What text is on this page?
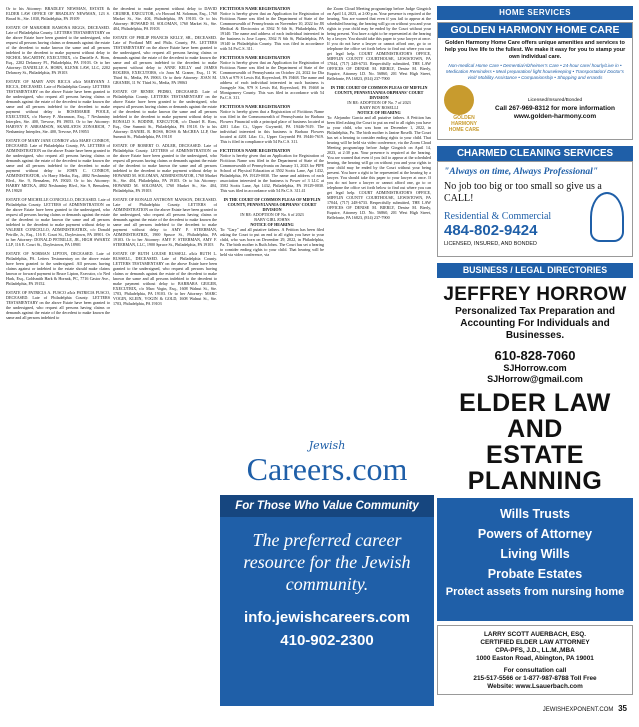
Or to his Attorney: BRADLEY NEWMAN, ESTATE & ELDER LAW OFFICE OF BRADLEY NEWMAN, 123 S. Broad St., Ste. 1030, Philadelphia, PA 19109

ESTATE OF MARJORIE RAMONA RIGGS, DECEASED. Late of Philadelphia County. LETTERS TESTAMENTARY on the above Estate have been granted to the undersigned, who request all persons having claims or demands against the estate of the decedent to make known the same and all persons indebted to the decedent to make payment without delay to NICHOL McCARTHY, EXECUTRIX, c/o Danielle A. Horn, Esq., 2202 Delancey Pl., Philadelphia, PA 19103. Or to her Attorney: DANIELLE A. HORN, KLENK LAW, LLC, 2202 Delancey St., Philadelphia, PA 19103

ESTATE OF MARY ANN RICCA a/k/a MARYANN J. RICCA, DECEASED. Late of Philadelphia County. LETTERS TESTAMENTARY on the above Estate have been granted to the undersigned, who request all persons having claims or demands against the estate of the decedent to make known the same and all persons indebted to the decedent to make payment without delay to ROSEMARIE POOLE, EXECUTRIX, c/o Harvey P. Abramson, Esq., 7 Neshaminy Interplex, Ste. 400, Trevose, PA 19053. Or to her Attorney: HARVEY P. ABRAMSON, SKARLATOS ZONARICH, 7 Neshaminy Interplex, Ste. 400, Trevose, PA 19053

ESTATE OF MARY JANE CONROY a/k/a MARY CONROY, DECEASED. Late of Philadelphia County, PA. LETTERS of ADMINISTRATION on the above Estate have been granted to the undersigned, who request all persons having claims or demands against the estate of the decedent to make known the same and all persons indebted to the decedent to make payment without delay to JOHN C. CONROY, ADMINISTRATOR, c/o Harry Metka, Esq., 4802 Neshaminy Blvd., Ste. 9, Bensalem, PA 19020. Or to his Attorney: HARRY METKA, 4802 Neshaminy Blvd., Ste. 9, Bensalem, PA 19020

ESTATE OF MICHELLE CONICELLO, DECEASED. Late of Philadelphia County. LETTERS of ADMINISTRATION on the above Estate have been granted to the undersigned, who request all persons having claims or demands against the estate of the decedent to make known the same and all persons indebted to the decedent to make payment without delay to VALERIE CONICELLO, ADMINISTRATRIX, c/o Donald Petrille, Jr., Esq., 116 E. Court St., Doylestown, PA 18901. Or to her Attorney: DONALD PETRILLE, JR., HIGH SWARTZ LLP, 116 E. Court St., Doylestown, PA 18901

ESTATE OF NORMAN LIPTON, DECEASED. Late of Philadelphia, PA. Letters Testamentary on the above estate have been granted to the undersigned. All persons having claims against or indebted to the estate should make claims known or forward payment to Bruce Lipton, Executor, c/o Ned Hark, Esq., Goldsmith Hark & Hornak, PC, 7716 Castor Ave., Philadelphia, PA 19152.

ESTATE OF PATRICIA A. FUSCO a/k/a PATRICIA FUSCO, DECEASED. Late of Philadelphia County. LETTERS TESTAMENTARY on the above Estate have been granted to the undersigned, who request all persons having claims or demands against the estate of the decedent to make known the same and all persons indebted to

the decedent to make payment without delay to DAVID CRUBER, EXECUTOR, c/o Howard M. Soloman, Esq., 1760 Market St., Ste. 404, Philadelphia, PA 19103. Or to his Attorney: HOWARD M. SOLOMAN, 1760 Market St., Ste. 404, Philadelphia, PA 19103

ESTATE OF PHILIP FRANCIS KELLY, SR., DECEASED. Late of Portland ME and Phila. County, PA. LETTERS TESTAMENTARY on the above Estate have been granted to the undersigned, who request all persons having claims or demands against the estate of the decedent to make known the same and all persons indebted to the decedent to make payment without delay to ANNE KELLY and JAMES ROGERS, EXECUTORS, c/o Joan M. Graner, Esq., 11 W. Third St., Media, PA 19063. Or to their Attorney: JOAN M. GRANER, 11 W. Third St., Media, PA 19063

ESTATE OF RENEE PEDRO, DECEASED. Late of Philadelphia County. LETTERS TESTAMENTARY on the above Estate have been granted to the undersigned, who request all persons having claims or demands against the estate of the decedent to make known the same and all persons indebted to the decedent to make payment without delay to RONALD S. BODINE, EXECUTOR, c/o Daniel R. Ross, Esq., One Summit St., Philadelphia, PA 19118. Or to his Attorney: DANIEL R. ROSS, ROSS & McCREA LLP, One Summit St., Philadelphia, PA 19118

ESTATE OF ROBERT O. ADLER, DECEASED. Late of Philadelphia County. LETTERS of ADMINISTRATION on the above Estate have been granted to the undersigned, who request all persons having claims or demands against the estate of the decedent to make known the same and all persons indebted to the decedent to make payment without delay to HOWARD M. SOLOMAN, ADMINISTRATOR, 1760 Market St., Ste. 404, Philadelphia, PA 19103. Or to his Attorney: HOWARD M. SOLOMAN, 1760 Market St., Ste. 404, Philadelphia, PA 19103

ESTATE OF RONALD ANTHONY MANSON, DECEASED. Late of Philadelphia County. LETTERS of ADMINISTRATION on the above Estate have been granted to the undersigned, who request all persons having claims or demands against the estate of the decedent to make known the same and all persons indebted to the decedent to make payment without delay to AMY F. STEERMAN, ADMINISTRATRIX, 1900 Spruce St., Philadelphia, PA 19103. Or to her Attorney: AMY F. STEERMAN, AMY F. STEERMAN, LLC, 1900 Spruce St., Philadelphia, PA 19103

ESTATE OF RUTH LOUISE RUSSELL a/k/a RUTH L. RUSSELL, DECEASED. Late of Philadelphia County. LETTERS TESTAMENTARY on the above Estate have been granted to the undersigned, who request all persons having claims or demands against the estate of the decedent to make known the same and all persons indebted to the decedent to make payment without delay to BARBARA GEIGER, EXECUTRIX, c/o Marc Vogin, Esq., 1608 Walnut St., Ste. 1703, Philadelphia, PA 19103. Or to her Attorney: MARC VOGIN, KLEIN, VOGIN & GOLD, 1608 Walnut St., Ste. 1703, Philadelphia, PA 19103

FICTITIOUS NAME REGISTRATION

Notice is hereby given that an Application for Registration of Fictitious Name was filed in the Department of State of the Commonwealth of Pennsylvania on November 10, 2022 for JR Medical & Electronics at 3562 N 6th St, Philadelphia, PA 19140. The name and address of each individual interested in the business is Jose Lopez, 3562 N 6th St, Philadelphia, PA 19140 in Philadelphia County. This was filed in accordance with 54 Pa.C.S. 311.

FICTITIOUS NAME REGISTRATION

Notice is hereby given that an Application for Registration of Fictitious Name was filed in the Department of State of the Commonwealth of Pennsylvania on October 24, 2022 for Dia USA at 979 S Lewis Rd, Royersford, PA 19468. The name and address of each individual interested in such business is Joongryle Sin, 979 S Lewis Rd, Royersford, PA 19468 in Montgomery County. This was filed in accordance with 54 Pa.C.S. 311.

FICTITIOUS NAME REGISTRATION

Notice is hereby given that a Registration of Fictitious Name was filed in the Commonwealth of Pennsylvania for Barbara Flowers Financial with a principal place of business located at 4201 Lilac Ct., Upper Gwynedd, PA 19446-7619. The individual interested in this business is Barbara Flowers located at 4201 Lilac Ct., Upper Gwynedd PA 19446-7619. This is filed in compliance with 54 Pa.C.S. 311.

FICTITIOUS NAME REGISTRATION

Notice is hereby given that an Application for Registration of Fictitious Name was filed in the Department of State of the Commonwealth of Pennsylvania on January 31, 2023 for PIPE School of Physical Education at 3502 Scotts Lane, Apt 1432, Philadelphia, PA 19129-0030. The name and address of each association interested in the business is Power of 3 LLC at 3502 Scotts Lane, Apt 1432, Philadelphia, PA 19129-0030. This was filed in accordance with 54 Pa.C.S. 311.41

IN THE COURT OF COMMON PLEAS OF MIFFLIN COUNTY, PENNSYLVANIA ORPHANS' COURT DIVISION

IN RE: ADOPTION OF No. 6 of 2023

BABY GIRL JOHNS

NOTICE OF HEARING

To: "Gary" and all putative fathers. A Petition has been filed asking the Court to put an end to all rights you have to your child, who was born on December 29, 2022, in Philadelphia, Pa. The birth mother is Ruth Johns. The Court has set a hearing to consider ending rights to your child. That hearing will be held via video conference, via

the Zoom Cloud Meeting program/app before Judge Gingrich on April 14, 2023, at 2:00 p.m. Your presence is required at the hearing. You are warned that even if you fail to appear at the scheduled hearing, the hearing will go on without you and your rights to your child may be ended by the Court without your being present. You have a right to be represented at the hearing by a lawyer. You should take this paper to your lawyer at once. If you do not have a lawyer or cannot afford one, go to or telephone the office set forth below to find out where you can get legal help. COURT ADMINISTRATOR'S OFFICE, MIFFLIN COUNTY COURTHOUSE, LEWISTOWN, PA 17044, (717) 248-6733. Respectfully submitted, THE LAW OFFICES OF DENISE M. BIERLY, Denise M. Bierly, Esquire, Attorney I.D. No. 56860, 201 West High Street, Bellefonte, PA 16823, (814) 237-7900

IN THE COURT OF COMMON PLEAS OF MIFFLIN COUNTY, PENNSYLVANIA ORPHANS' COURT DIVISION

IN RE: ADOPTION OF No. 7 of 2023

BABY BOY ROSELLI

NOTICE OF HEARING

To: Alejandro Garcia and all putative fathers. A Petition has been filed asking the Court to put an end to all rights you have to your child, who was born on December 1, 2022, in Philadelphia, Pa. The birth mother is Janine Roselli. The Court has set a hearing to consider ending rights to your child. That hearing will be held via video conference, via the Zoom Cloud Meeting program/app before Judge Gingrich on April 14, 2023, at 2:30 p.m. Your presence is required at the hearing. You are warned that even if you fail to appear at the scheduled hearing, the hearing will go on without you and your rights to your child may be ended by the Court without your being present. You have a right to be represented at the hearing by a lawyer. You should take this paper to your lawyer at once. If you do not have a lawyer or cannot afford one, go to or telephone the office set forth below to find out where you can get legal help. COURT ADMINISTRATOR'S OFFICE, MIFFLIN COUNTY COURTHOUSE, LEWISTOWN, PA 17044, (717) 248-6733. Respectfully submitted, THE LAW OFFICES OF DENISE M. BIERLY, Denise M. Bierly, Esquire, Attorney I.D. No. 56860, 201 West High Street, Bellefonte, PA 16823, (814) 237-7900

Jewish
Careers.com
For Those Who Value Community
The preferred career resource for the Jewish community.
info.jewishcareers.com
410-902-2300
HOME SERVICES
GOLDEN HARMONY HOME CARE
Golden Harmony Home Care offers unique amenities and services to help you live life to the fullest. We make it easy for you to stamp your own individual care.
Non-medical Home Care • Dementia/Alzheimer's Care • 24-hour care/ hourly/Live in • Medication Reminders • Meal preparation/ light housekeeping • Transportation/ Doctor's visit/ Mobility Assistance • Companionship • Shopping and errands
GOLDEN HARMONY HOME CARE
Licensed/Insured/Bonded
Call 267-969-8312 for more information
www.golden-harmony.com
CHARMED CLEANING SERVICES
"Always on time, Always Professional"
No job too big or too small so give us a CALL!
Residential & Commercial
484-802-9424
LICENSED, INSURED, AND BONDED
BUSINESS / LEGAL DIRECTORIES
JEFFREY HORROW
Personalized Tax Preparation and Accounting For Individuals and Businesses.
610-828-7060
SJHorrow.com
SJHorrow@gmail.com
ELDER LAW
AND
ESTATE
PLANNING
Wills Trusts
Powers of Attorney
Living Wills
Probate Estates
Protect assets from nursing home
LARRY SCOTT AUERBACH, ESQ.
CERTIFIED ELDER LAW ATTORNEY
CPA-PFS, J.D., LL.M.,MBA
1000 Easton Road, Abington, PA 19001
For consultation call
215-517-5566 or 1-877-987-8788 Toll Free
Website: www.Lsauerbach.com
JEWISHEXPONENT.COM 35
